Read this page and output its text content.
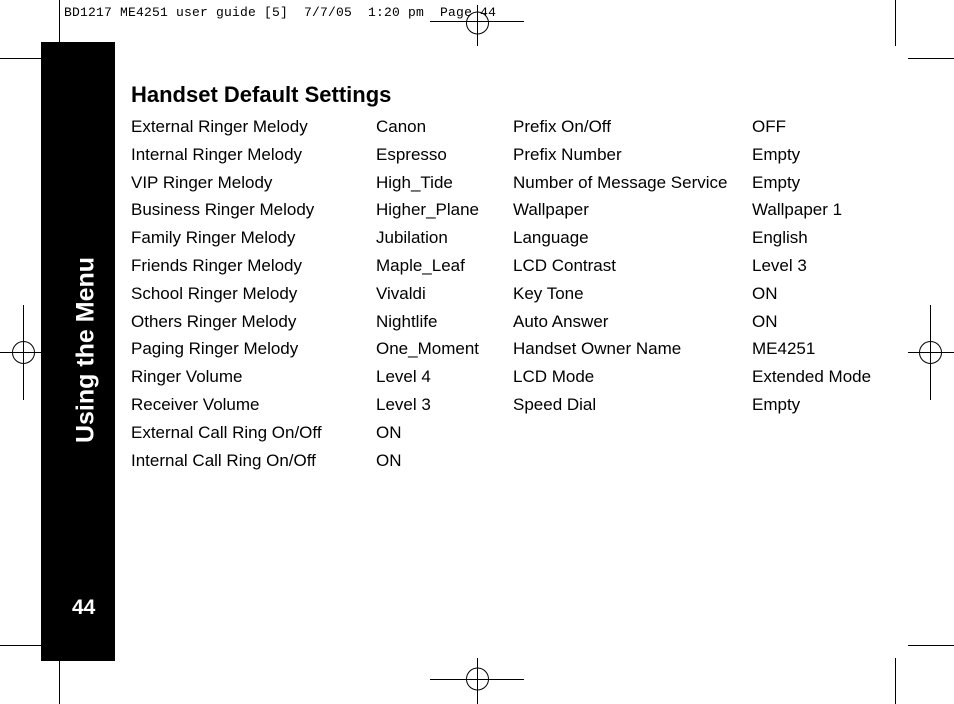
BD1217 ME4251 user guide [5]  7/7/05  1:20 pm  Page 44
Using the Menu
44
Handset Default Settings
External Ringer Melody
Internal Ringer Melody
VIP Ringer Melody
Business Ringer Melody
Family Ringer Melody
Friends Ringer Melody
School Ringer Melody
Others Ringer Melody
Paging Ringer Melody
Ringer Volume
Receiver Volume
External Call Ring On/Off
Internal Call Ring On/Off
Canon
Espresso
High_Tide
Higher_Plane
Jubilation
Maple_Leaf
Vivaldi
Nightlife
One_Moment
Level 4
Level 3
ON
ON
Prefix On/Off
Prefix Number
Number of Message Service
Wallpaper
Language
LCD Contrast
Key Tone
Auto Answer
Handset Owner Name
LCD Mode
Speed Dial
OFF
Empty
Empty
Wallpaper 1
English
Level 3
ON
ON
ME4251
Extended Mode
Empty
